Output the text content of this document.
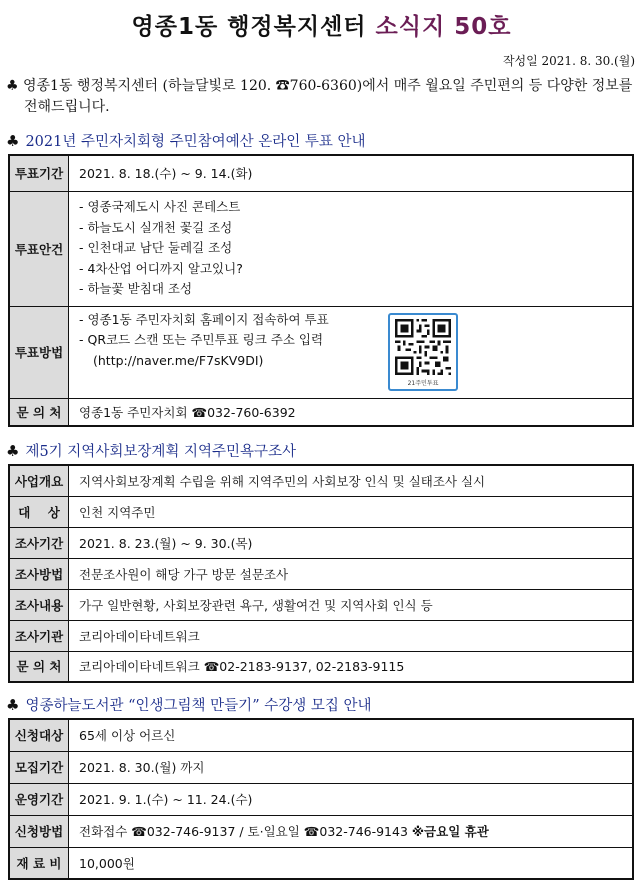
영종1동 행정복지센터 소식지 50호
작성일 2021. 8. 30.(월)
♣ 영종1동 행정복지센터 (하늘달빛로 120. ☎760-6360)에서 매주 월요일 주민편의 등 다양한 정보를 전해드립니다.
♣ 2021년 주민자치회형 주민참여예산 온라인 투표 안내
투표기간	2021. 8. 18.(수) ~ 9. 14.(화)
투표안건	- 영종국제도시 사진 콘테스트
- 하늘도시 실개천 꽃길 조성
- 인천대교 남단 둘레길 조성
- 4차산업 어디까지 알고있니?
- 하늘꽃 받침대 조성

투표방법	- 영종1동 주민자치회 홈페이지 접속하여 투표
- QR코드 스캔 또는 주민투표 링크 주소 입력
(http://naver.me/F7sKV9DI)
21주민투표

문 의 처	영종1동 주민자치회 ☎032-760-6392
♣ 제5기 지역사회보장계획 지역주민욕구조사
사업개요	지역사회보장계획 수립을 위해 지역주민의 사회보장 인식 및 실태조사 실시
대    상	인천 지역주민
조사기간	2021. 8. 23.(월) ~ 9. 30.(목)
조사방법	전문조사원이 해당 가구 방문 설문조사
조사내용	가구 일반현황, 사회보장관련 욕구, 생활여건 및 지역사회 인식 등
조사기관	코리아데이타네트워크
문 의 처	코리아데이타네트워크 ☎02-2183-9137, 02-2183-9115
♣ 영종하늘도서관 “인생그림책 만들기” 수강생 모집 안내
신청대상	65세 이상 어르신
모집기간	2021. 8. 30.(월) 까지
운영기간	2021. 9. 1.(수) ~ 11. 24.(수)
신청방법	전화접수 ☎032-746-9137 / 토·일요일 ☎032-746-9143 ※금요일 휴관
재 료 비	10,000원
